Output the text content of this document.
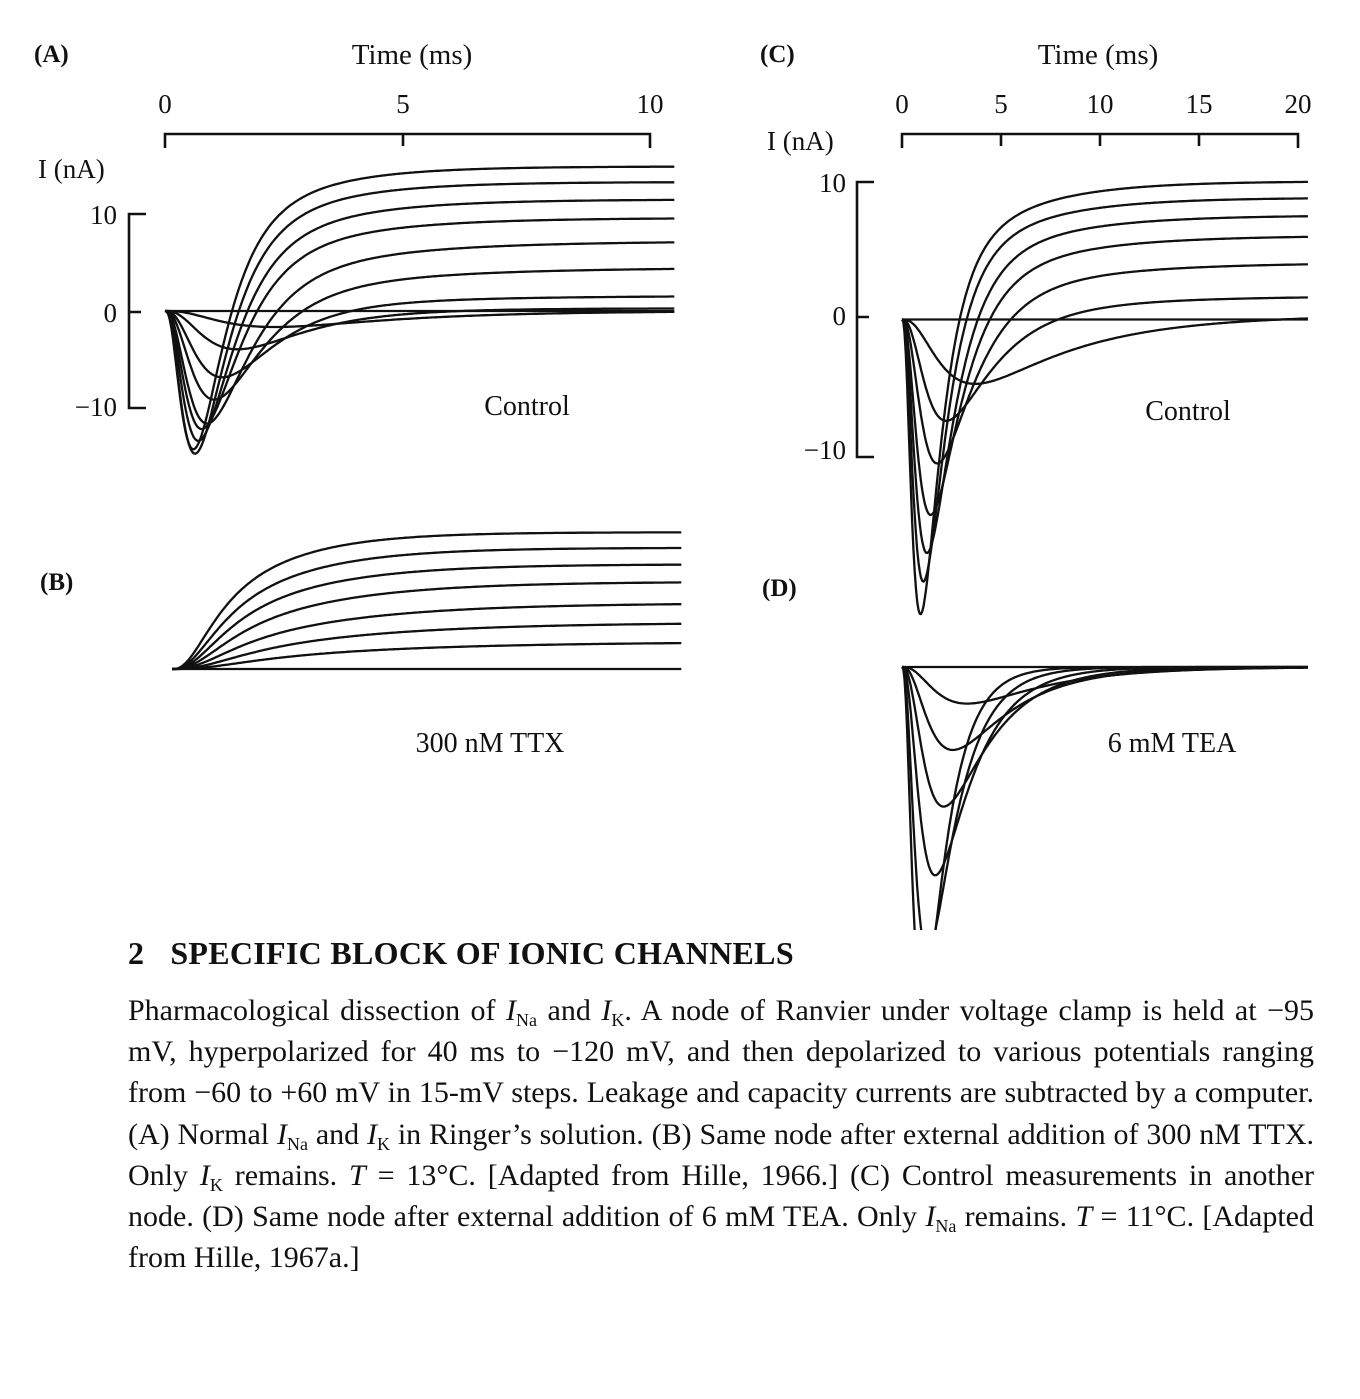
(A)	Time (ms)
I (nA)
0	5	10
10
0
−10	Control
(B)
300 nM TTX
(C)	Time (ms)
I (nA)
0	5	10	15	20
10
0
−10
Control
(D)
6 mM TEA
2 SPECIFIC BLOCK OF IONIC CHANNELS

Pharmacological dissection of $I_{Na}$ and $I_K$. A node of Ranvier under voltage clamp is held at −95 mV, hyperpolarized for 40 ms to −120 mV, and then depolarized to various potentials ranging from −60 to +60 mV in 15-mV steps. Leakage and capacity currents are subtracted by a computer. (A) Normal $I_{Na}$ and $I_K$ in Ringer’s solution. (B) Same node after external addition of 300 nM TTX. Only $I_K$ remains. T = 13°C. [Adapted from Hille, 1966.] (C) Control measurements in another node. (D) Same node after external addition of 6 mM TEA. Only $I_{Na}$ remains. T = 11°C. [Adapted from Hille, 1967a.]
